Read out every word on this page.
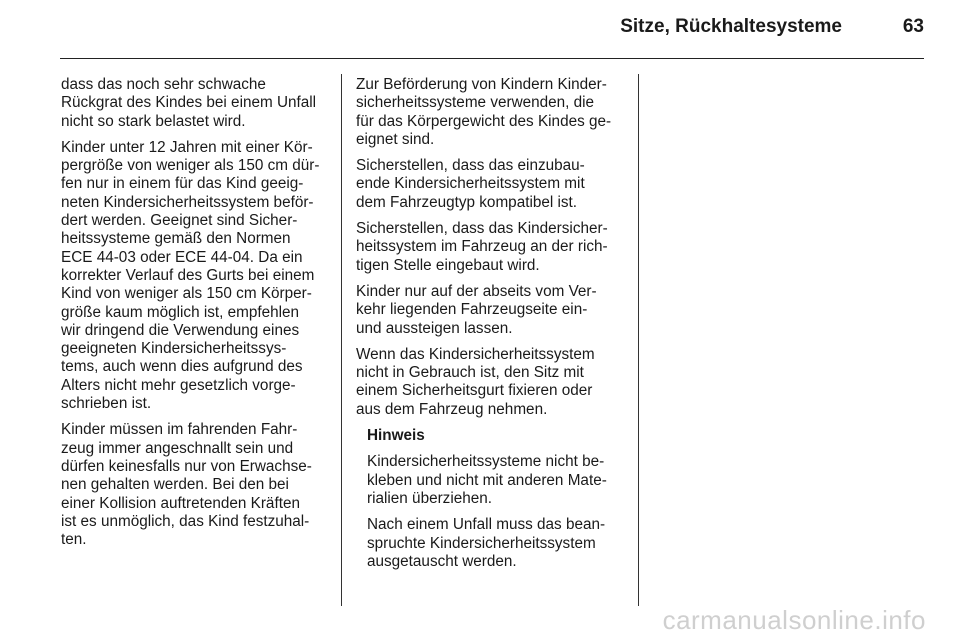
Sitze, Rückhaltesysteme	63

dass das noch sehr schwache
Rückgrat des Kindes bei einem Unfall
nicht so stark belastet wird.

Kinder unter 12 Jahren mit einer Kör-
pergröße von weniger als 150 cm dür-
fen nur in einem für das Kind geeig-
neten Kindersicherheitssystem beför-
dert werden. Geeignet sind Sicher-
heitssysteme gemäß den Normen
ECE 44-03 oder ECE 44-04. Da ein
korrekter Verlauf des Gurts bei einem
Kind von weniger als 150 cm Körper-
größe kaum möglich ist, empfehlen
wir dringend die Verwendung eines
geeigneten Kindersicherheitssys-
tems, auch wenn dies aufgrund des
Alters nicht mehr gesetzlich vorge-
schrieben ist.

Kinder müssen im fahrenden Fahr-
zeug immer angeschnallt sein und
dürfen keinesfalls nur von Erwachse-
nen gehalten werden. Bei den bei
einer Kollision auftretenden Kräften
ist es unmöglich, das Kind festzuhal-
ten.

Zur Beförderung von Kindern Kinder-
sicherheitssysteme verwenden, die
für das Körpergewicht des Kindes ge-
eignet sind.

Sicherstellen, dass das einzubau-
ende Kindersicherheitssystem mit
dem Fahrzeugtyp kompatibel ist.

Sicherstellen, dass das Kindersicher-
heitssystem im Fahrzeug an der rich-
tigen Stelle eingebaut wird.

Kinder nur auf der abseits vom Ver-
kehr liegenden Fahrzeugseite ein-
und aussteigen lassen.

Wenn das Kindersicherheitssystem
nicht in Gebrauch ist, den Sitz mit
einem Sicherheitsgurt fixieren oder
aus dem Fahrzeug nehmen.

Hinweis

Kindersicherheitssysteme nicht be-
kleben und nicht mit anderen Mate-
rialien überziehen.

Nach einem Unfall muss das bean-
spruchte Kindersicherheitssystem
ausgetauscht werden.

carmanualsonline.info
